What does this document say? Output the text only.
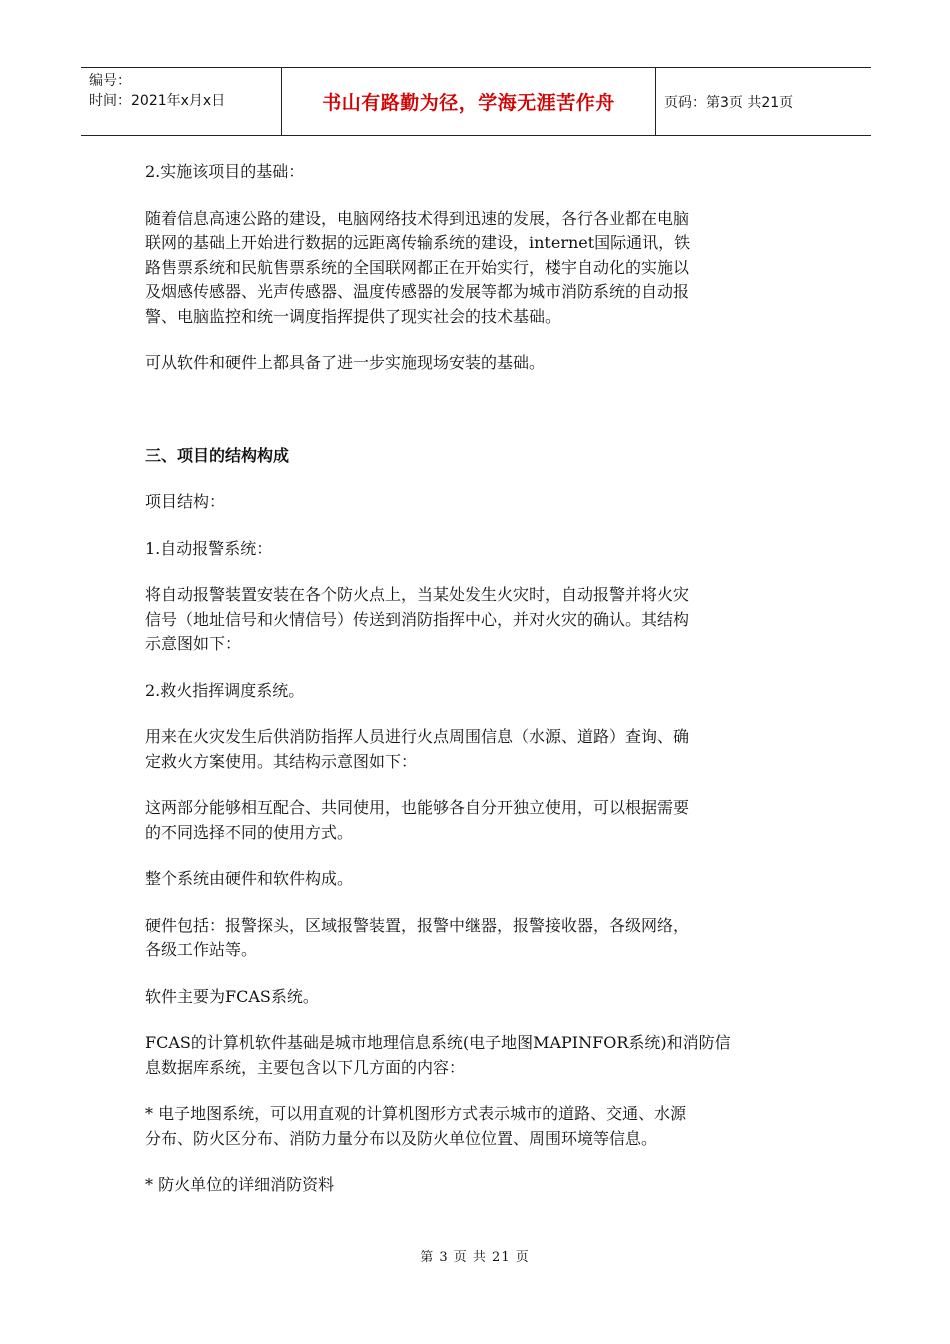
编号：
时间：2021年x月x日	书山有路勤为径，学海无涯苦作舟	页码：第3页 共21页

2.实施该项目的基础：

随着信息高速公路的建设，电脑网络技术得到迅速的发展，各行各业都在电脑

联网的基础上开始进行数据的远距离传输系统的建设，internet国际通讯，铁

路售票系统和民航售票系统的全国联网都正在开始实行，楼宇自动化的实施以

及烟感传感器、光声传感器、温度传感器的发展等都为城市消防系统的自动报

警、电脑监控和统一调度指挥提供了现实社会的技术基础。

可从软件和硬件上都具备了进一步实施现场安装的基础。

三、项目的结构构成

项目结构：

1.自动报警系统：

将自动报警装置安装在各个防火点上，当某处发生火灾时，自动报警并将火灾

信号（地址信号和火情信号）传送到消防指挥中心，并对火灾的确认。其结构

示意图如下：

2.救火指挥调度系统。

用来在火灾发生后供消防指挥人员进行火点周围信息（水源、道路）查询、确

定救火方案使用。其结构示意图如下：

这两部分能够相互配合、共同使用，也能够各自分开独立使用，可以根据需要

的不同选择不同的使用方式。

整个系统由硬件和软件构成。

硬件包括：报警探头，区域报警装置，报警中继器，报警接收器，各级网络，

各级工作站等。

软件主要为FCAS系统。

FCAS的计算机软件基础是城市地理信息系统(电子地图MAPINFOR系统)和消防信

息数据库系统，主要包含以下几方面的内容：

* 电子地图系统，可以用直观的计算机图形方式表示城市的道路、交通、水源

分布、防火区分布、消防力量分布以及防火单位位置、周围环境等信息。

* 防火单位的详细消防资料

第 3 页 共 21 页
